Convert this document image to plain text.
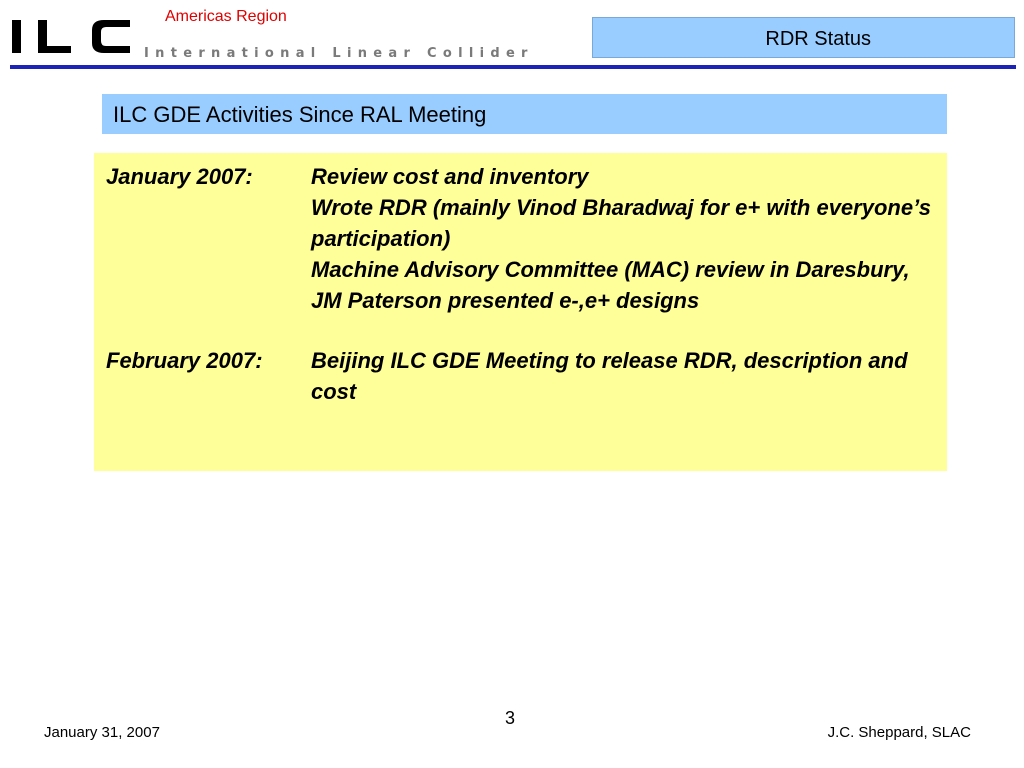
International Linear Collider
Americas Region
RDR Status
ILC GDE Activities Since RAL Meeting
January 2007:	Review cost and inventory
Wrote RDR (mainly Vinod Bharadwaj for e+ with everyone’s participation)
Machine Advisory Committee (MAC) review in Daresbury, JM Paterson presented e-,e+ designs
February 2007:	Beijing ILC GDE Meeting to release RDR, description and cost
January 31, 2007
3
J.C. Sheppard, SLAC
